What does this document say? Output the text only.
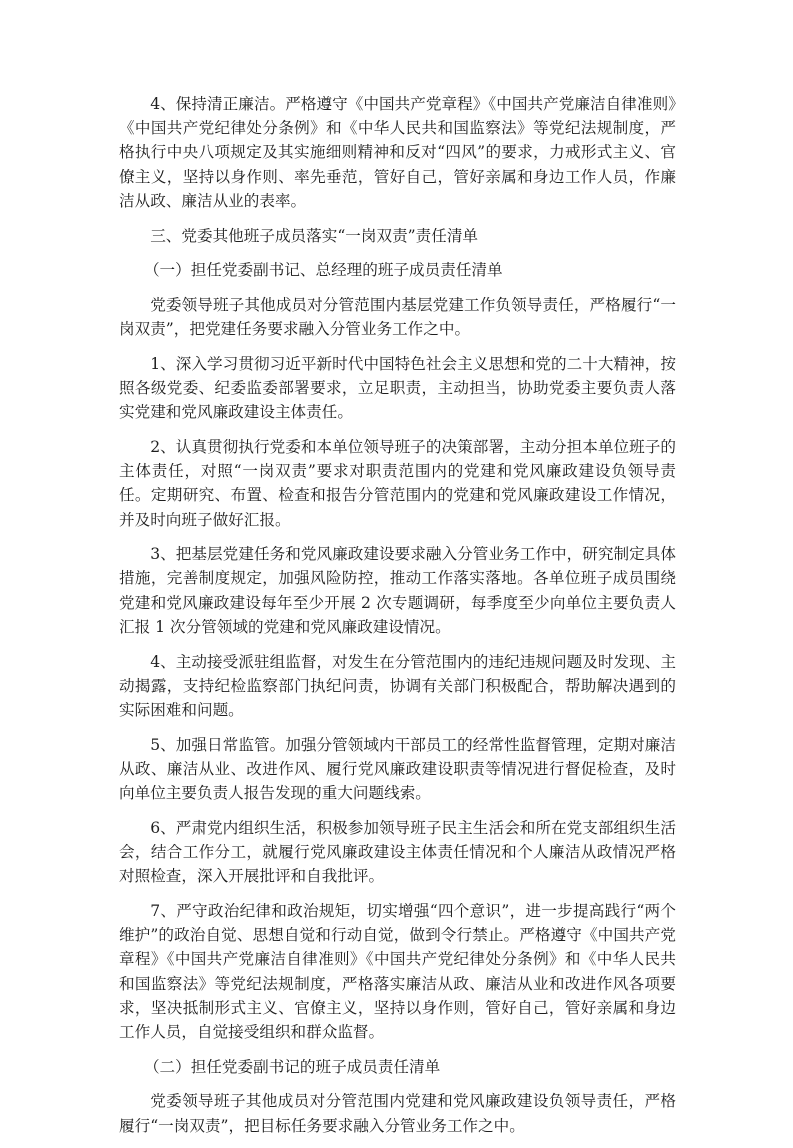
4、保持清正廉洁。严格遵守《中国共产党章程》《中国共产党廉洁自律准则》《中国共产党纪律处分条例》和《中华人民共和国监察法》等党纪法规制度，严格执行中央八项规定及其实施细则精神和反对“四风”的要求，力戒形式主义、官僚主义，坚持以身作则、率先垂范，管好自己，管好亲属和身边工作人员，作廉洁从政、廉洁从业的表率。

三、党委其他班子成员落实“一岗双责”责任清单

（一）担任党委副书记、总经理的班子成员责任清单

党委领导班子其他成员对分管范围内基层党建工作负领导责任，严格履行“一岗双责”，把党建任务要求融入分管业务工作之中。

1、深入学习贯彻习近平新时代中国特色社会主义思想和党的二十大精神，按照各级党委、纪委监委部署要求，立足职责，主动担当，协助党委主要负责人落实党建和党风廉政建设主体责任。

2、认真贯彻执行党委和本单位领导班子的决策部署，主动分担本单位班子的主体责任，对照“一岗双责”要求对职责范围内的党建和党风廉政建设负领导责任。定期研究、布置、检查和报告分管范围内的党建和党风廉政建设工作情况，并及时向班子做好汇报。

3、把基层党建任务和党风廉政建设要求融入分管业务工作中，研究制定具体措施，完善制度规定，加强风险防控，推动工作落实落地。各单位班子成员围绕党建和党风廉政建设每年至少开展 2 次专题调研，每季度至少向单位主要负责人汇报 1 次分管领域的党建和党风廉政建设情况。

4、主动接受派驻组监督，对发生在分管范围内的违纪违规问题及时发现、主动揭露，支持纪检监察部门执纪问责，协调有关部门积极配合，帮助解决遇到的实际困难和问题。

5、加强日常监管。加强分管领域内干部员工的经常性监督管理，定期对廉洁从政、廉洁从业、改进作风、履行党风廉政建设职责等情况进行督促检查，及时向单位主要负责人报告发现的重大问题线索。

6、严肃党内组织生活，积极参加领导班子民主生活会和所在党支部组织生活会，结合工作分工，就履行党风廉政建设主体责任情况和个人廉洁从政情况严格对照检查，深入开展批评和自我批评。

7、严守政治纪律和政治规矩，切实增强“四个意识”，进一步提高践行“两个维护”的政治自觉、思想自觉和行动自觉，做到令行禁止。严格遵守《中国共产党章程》《中国共产党廉洁自律准则》《中国共产党纪律处分条例》和《中华人民共和国监察法》等党纪法规制度，严格落实廉洁从政、廉洁从业和改进作风各项要求，坚决抵制形式主义、官僚主义，坚持以身作则，管好自己，管好亲属和身边工作人员，自觉接受组织和群众监督。

（二）担任党委副书记的班子成员责任清单

党委领导班子其他成员对分管范围内党建和党风廉政建设负领导责任，严格履行“一岗双责”，把目标任务要求融入分管业务工作之中。
